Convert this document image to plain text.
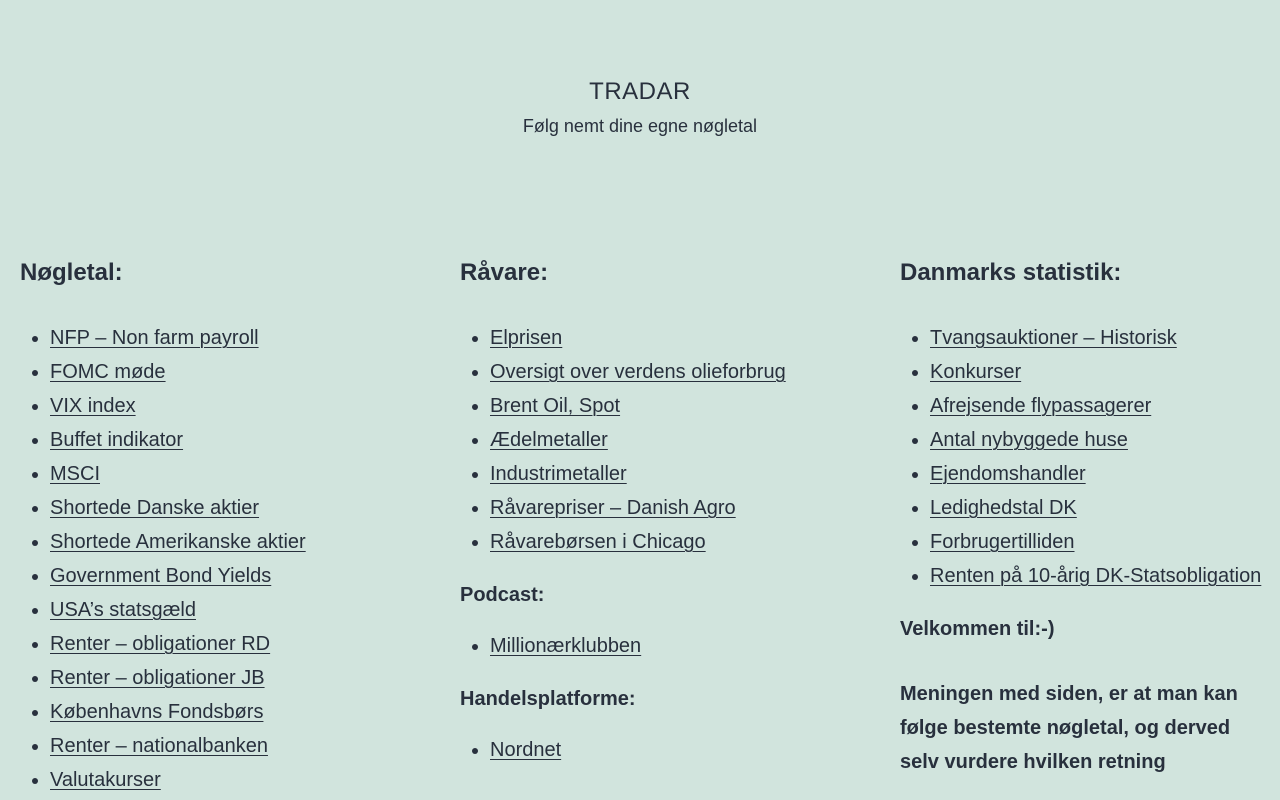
TRADAR

Følg nemt dine egne nøgletal

Nøgletal:
• NFP – Non farm payroll
• FOMC møde
• VIX index
• Buffet indikator
• MSCI
• Shortede Danske aktier
• Shortede Amerikanske aktier
• Government Bond Yields
• USA’s statsgæld
• Renter – obligationer RD
• Renter – obligationer JB
• Københavns Fondsbørs
• Renter – nationalbanken
• Valutakurser
Råvare:
• Elprisen
• Oversigt over verdens olieforbrug
• Brent Oil, Spot
• Ædelmetaller
• Industrimetaller
• Råvarepriser – Danish Agro
• Råvarebørsen i Chicago

Podcast:

• Millionærklubben

Handelsplatforme:

• Nordnet
Danmarks statistik:
• Tvangsauktioner – Historisk
• Konkurser
• Afrejsende flypassagerer
• Antal nybyggede huse
• Ejendomshandler
• Ledighedstal DK
• Forbrugertilliden
• Renten på 10-årig DK-Statsobligation

Velkommen til:-)

Meningen med siden, er at man kan følge bestemte nøgletal, og derved selv vurdere hvilken retning
